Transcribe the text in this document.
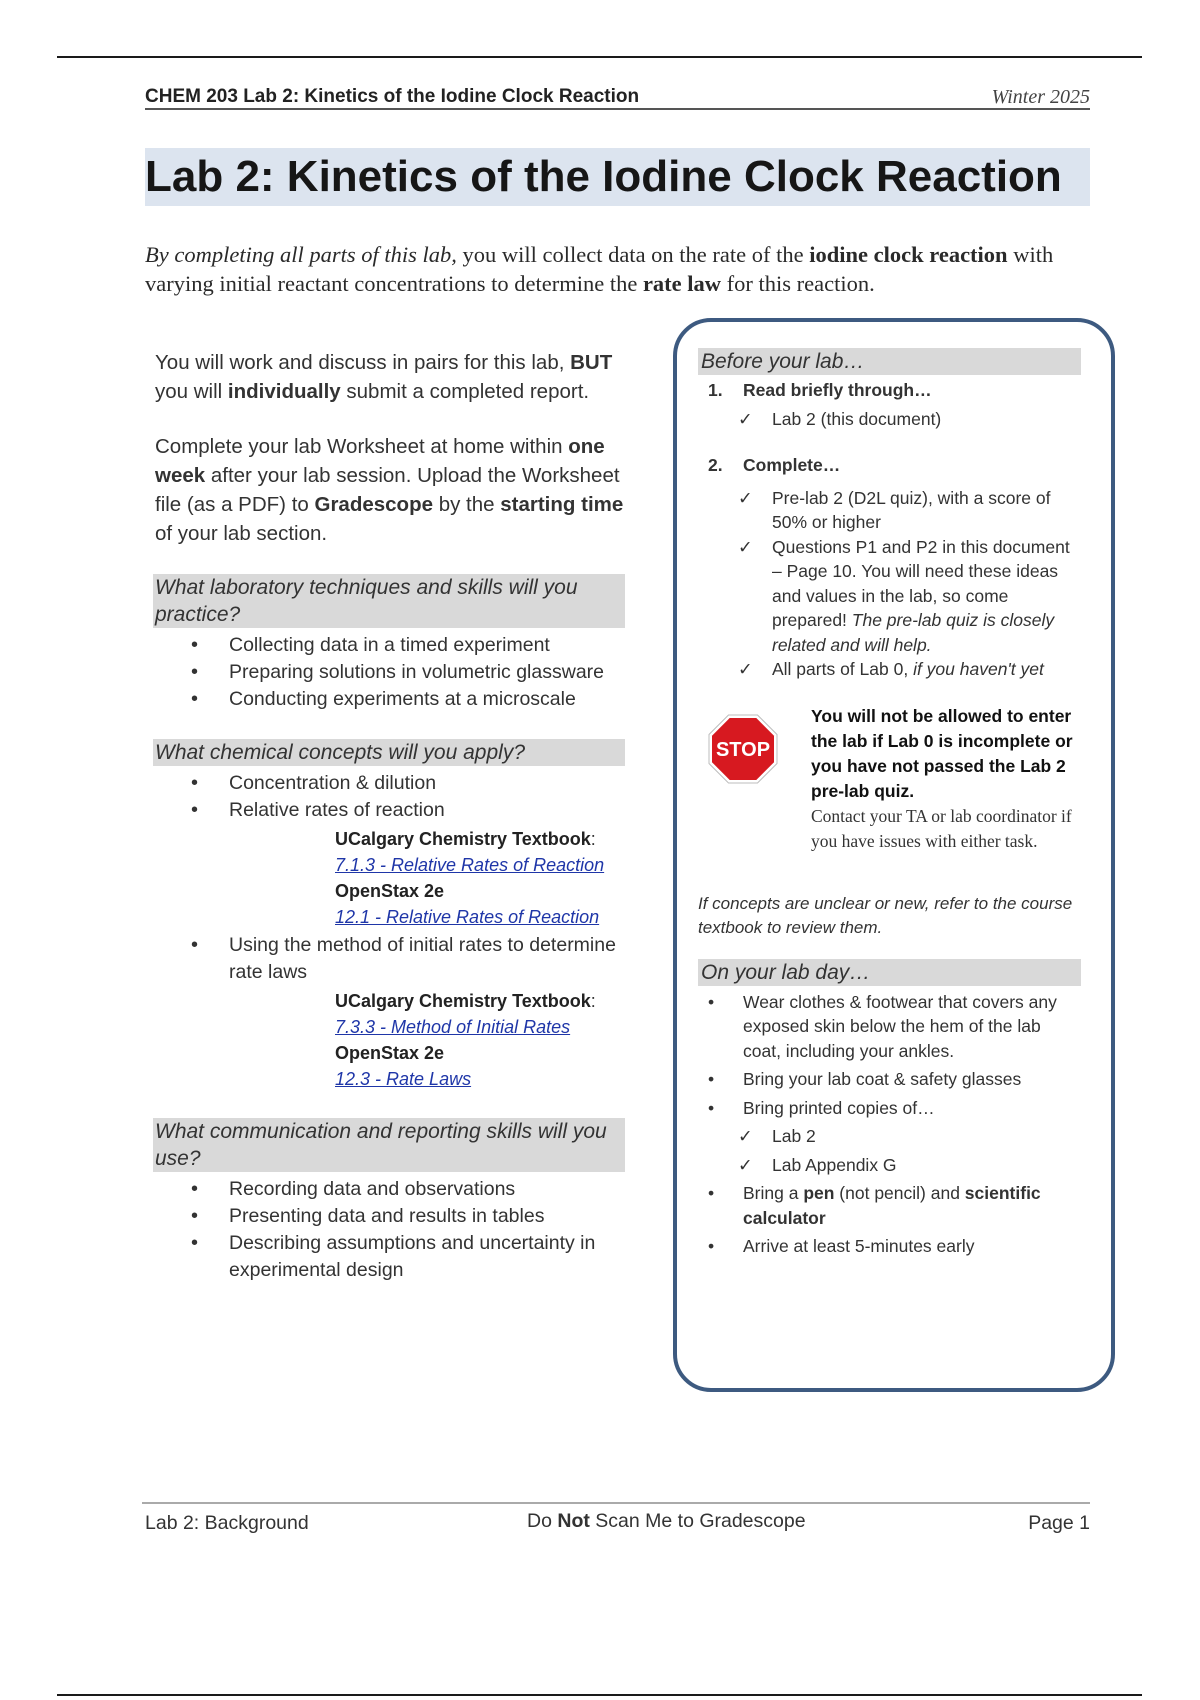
CHEM 203 Lab 2: Kinetics of the Iodine Clock Reaction	Winter 2025
Lab 2: Kinetics of the Iodine Clock Reaction
By completing all parts of this lab, you will collect data on the rate of the iodine clock reaction with varying initial reactant concentrations to determine the rate law for this reaction.

You will work and discuss in pairs for this lab, BUT you will individually submit a completed report.

Complete your lab Worksheet at home within one week after your lab session. Upload the Worksheet file (as a PDF) to Gradescope by the starting time of your lab section.

What laboratory techniques and skills will you practice?
• Collecting data in a timed experiment
• Preparing solutions in volumetric glassware
• Conducting experiments at a microscale
What chemical concepts will you apply?
• Concentration & dilution
• Relative rates of reaction
UCalgary Chemistry Textbook:
7.1.3 - Relative Rates of Reaction
OpenStax 2e
12.1 - Relative Rates of Reaction
• Using the method of initial rates to determine rate laws
UCalgary Chemistry Textbook:
7.3.3 - Method of Initial Rates
OpenStax 2e
12.3 - Rate Laws
What communication and reporting skills will you use?
• Recording data and observations
• Presenting data and results in tables
• Describing assumptions and uncertainty in experimental design
Before your lab…
1. Read briefly through…
✓ Lab 2 (this document)
2. Complete…
✓ Pre-lab 2 (D2L quiz), with a score of 50% or higher
✓ Questions P1 and P2 in this document – Page 10. You will need these ideas and values in the lab, so come prepared! The pre-lab quiz is closely related and will help.
✓ All parts of Lab 0, if you haven't yet
STOP
You will not be allowed to enter the lab if Lab 0 is incomplete or you have not passed the Lab 2 pre-lab quiz.
Contact your TA or lab coordinator if you have issues with either task.
If concepts are unclear or new, refer to the course textbook to review them.
On your lab day…
• Wear clothes & footwear that covers any exposed skin below the hem of the lab coat, including your ankles.
• Bring your lab coat & safety glasses
• Bring printed copies of…
✓ Lab 2
✓ Lab Appendix G
• Bring a pen (not pencil) and scientific calculator
• Arrive at least 5-minutes early
Lab 2: Background	Do Not Scan Me to Gradescope	Page 1
